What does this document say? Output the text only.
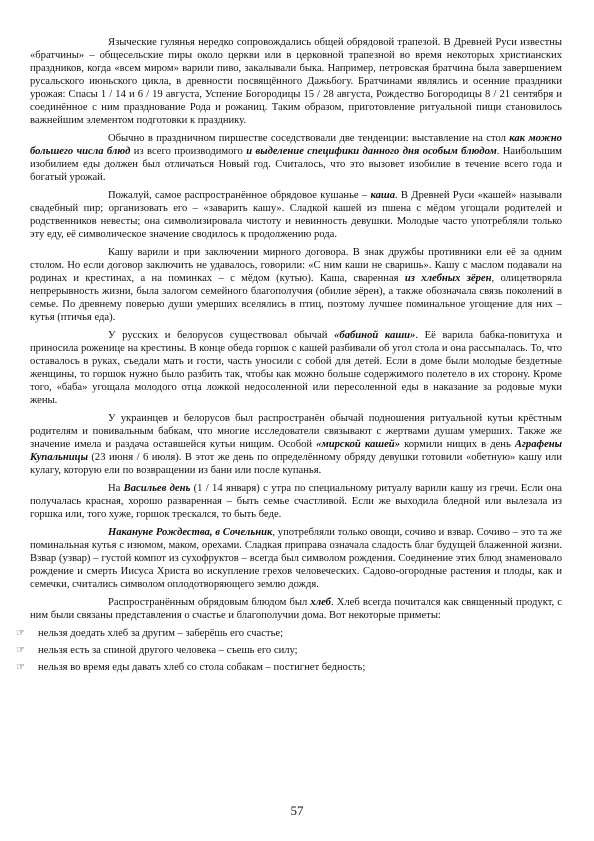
Языческие гулянья нередко сопровождались общей обрядовой трапезой. В Древней Руси известны «братчины» – общесельские пиры около церкви или в церковной трапезной во время некоторых христианских праздников, когда «всем миром» варили пиво, закалывали быка. Например, петровская братчина была завершением русальского июньского цикла, в древности посвящённого Дажьбогу. Братчинами являлись и осенние праздники урожая: Спасы 1 / 14 и 6 / 19 августа, Успение Богородицы 15 / 28 августа, Рождество Богородицы 8 / 21 сентября и соединённое с ним празднование Рода и рожаниц. Таким образом, приготовление ритуальной пищи становилось важнейшим элементом подготовки к празднику.

Обычно в праздничном пиршестве соседствовали две тенденции: выставление на стол как можно большего числа блюд из всего производимого и выделение специфики данного дня особым блюдом. Наибольшим изобилием еды должен был отличаться Новый год. Считалось, что это вызовет изобилие в течение всего года и богатый урожай.

Пожалуй, самое распространённое обрядовое кушанье – каша. В Древней Руси «кашей» называли свадебный пир; организовать его – «заварить кашу». Сладкой кашей из пшена с мёдом угощали родителей и родственников невесты; она символизировала чистоту и невинность девушки. Молодые часто употребляли только эту еду, её символическое значение сводилось к продолжению рода.

Кашу варили и при заключении мирного договора. В знак дружбы противники ели её за одним столом. Но если договор заключить не удавалось, говорили: «С ним каши не сваришь». Кашу с маслом подавали на родинах и крестинах, а на поминках – с мёдом (кутью). Каша, сваренная из хлебных зёрен, олицетворяла непрерывность жизни, была залогом семейного благополучия (обилие зёрен), а также обозначала связь поколений в семье. По древнему поверью души умерших вселялись в птиц, поэтому лучшее поминальное угощение для них – кутья (птичья еда).

У русских и белорусов существовал обычай «бабиной каши». Её варила бабка-повитуха и приносила роженице на крестины. В конце обеда горшок с кашей разбивали об угол стола и она рассыпалась. То, что оставалось в руках, съедали мать и гости, часть уносили с собой для детей. Если в доме были молодые бездетные женщины, то горшок нужно было разбить так, чтобы как можно больше содержимого полетело в их сторону. Кроме того, «баба» угощала молодого отца ложкой недосоленной или пересоленной еды в наказание за родовые муки жены.

У украинцев и белорусов был распространён обычай подношения ритуальной кутьи крёстным родителям и повивальным бабкам, что многие исследователи связывают с жертвами душам умерших. Также же значение имела и раздача оставшейся кутьи нищим. Особой «мирской кашей» кормили нищих в день Аграфены Купальницы (23 июня / 6 июля). В этот же день по определённому обряду девушки готовили «обетную» кашу или кулагу, которую ели по возвращении из бани или после купанья.

На Васильев день (1 / 14 января) с утра по специальному ритуалу варили кашу из гречи. Если она получалась красная, хорошо разваренная – быть семье счастливой. Если же выходила бледной или вылезала из горшка или, того хуже, горшок трескался, то быть беде.

Накануне Рождества, в Сочельник, употребляли только овощи, сочиво и взвар. Сочиво – это та же поминальная кутья с изюмом, маком, орехами. Сладкая приправа означала сладость благ будущей блаженной жизни. Взвар (узвар) – густой компот из сухофруктов – всегда был символом рождения. Соединение этих блюд знаменовало рождение и смерть Иисуса Христа во искупление грехов человеческих. Садово-огородные растения и плоды, как и семечки, считались символом оплодотворяющего землю дождя.

Распространённым обрядовым блюдом был хлеб. Хлеб всегда почитался как священный продукт, с ним были связаны представления о счастье и благополучии дома. Вот некоторые приметы:

☞ нельзя доедать хлеб за другим – заберёшь его счастье;
☞ нельзя есть за спиной другого человека – съешь его силу;
☞ нельзя во время еды давать хлеб со стола собакам – постигнет бедность;
57
